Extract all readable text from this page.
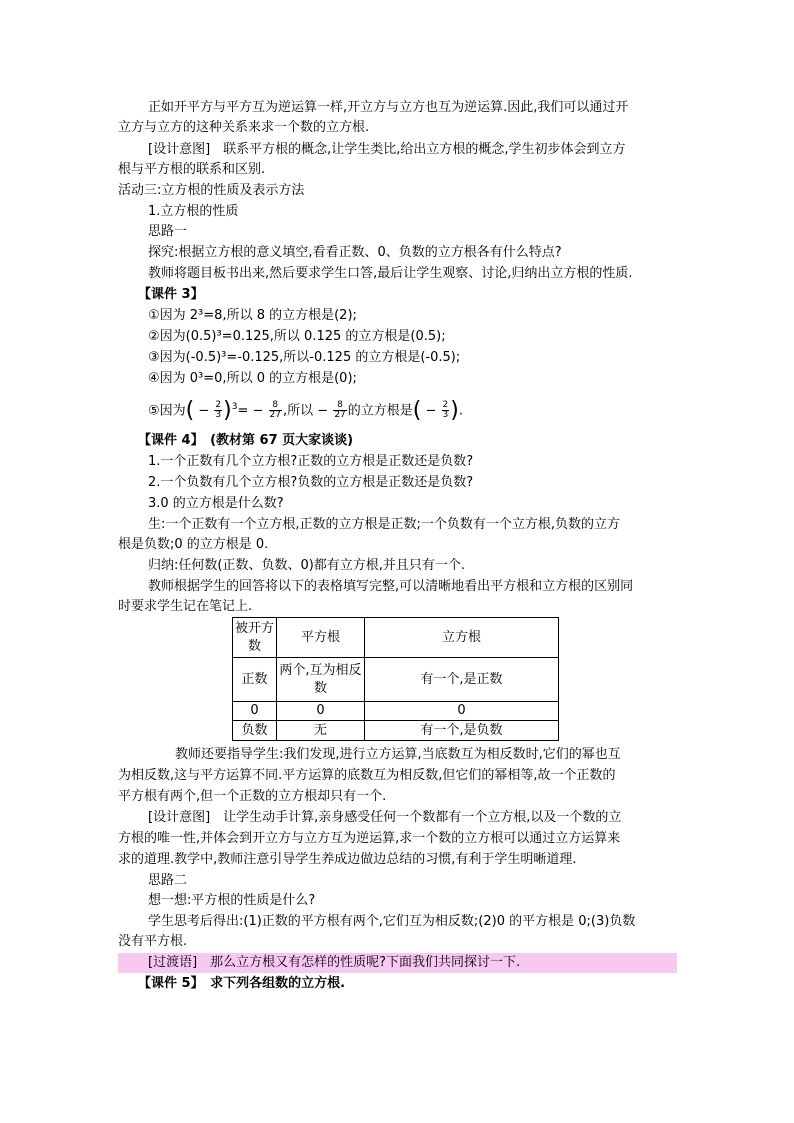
正如开平方与平方互为逆运算一样,开立方与立方也互为逆运算.因此,我们可以通过开
立方与立方的这种关系来求一个数的立方根.
[设计意图]　联系平方根的概念,让学生类比,给出立方根的概念,学生初步体会到立方
根与平方根的联系和区别.
活动三:立方根的性质及表示方法
1.立方根的性质
思路一
探究:根据立方根的意义填空,看看正数、0、负数的立方根各有什么特点?
教师将题目板书出来,然后要求学生口答,最后让学生观察、讨论,归纳出立方根的性质.
【课件 3】
①因为 2³=8,所以 8 的立方根是(2);
②因为(0.5)³=0.125,所以 0.125 的立方根是(0.5);
③因为(-0.5)³=-0.125,所以-0.125 的立方根是(-0.5);
④因为 0³=0,所以 0 的立方根是(0);
⑤因为( − $\frac{2}{3} )^3= - \frac{8}{27}$ ,所以 − $\frac{8}{27}$ 的立方根是( − $\frac{2}{3}$ ).
【课件 4】　(教材第 67 页大家谈谈)
1.一个正数有几个立方根?正数的立方根是正数还是负数?
2.一个负数有几个立方根?负数的立方根是正数还是负数?
3.0 的立方根是什么数?
生:一个正数有一个立方根,正数的立方根是正数;一个负数有一个立方根,负数的立方
根是负数;0 的立方根是 0.
归纳:任何数(正数、负数、0)都有立方根,并且只有一个.
教师根据学生的回答将以下的表格填写完整,可以清晰地看出平方根和立方根的区别同
时要求学生记在笔记上.
被开方数	平方根	立方根
正数	两个,互为相反数	有一个,是正数
0	0	0
负数	无	有一个,是负数
教师还要指导学生:我们发现,进行立方运算,当底数互为相反数时,它们的幂也互
为相反数,这与平方运算不同.平方运算的底数互为相反数,但它们的幂相等,故一个正数的
平方根有两个,但一个正数的立方根却只有一个.
[设计意图]　让学生动手计算,亲身感受任何一个数都有一个立方根,以及一个数的立
方根的唯一性,并体会到开立方与立方互为逆运算,求一个数的立方根可以通过立方运算来
求的道理.教学中,教师注意引导学生养成边做边总结的习惯,有利于学生明晰道理.
思路二
想一想:平方根的性质是什么?
学生思考后得出:(1)正数的平方根有两个,它们互为相反数;(2)0 的平方根是 0;(3)负数
没有平方根.
[过渡语]　那么立方根又有怎样的性质呢?下面我们共同探讨一下.
【课件 5】　求下列各组数的立方根.
